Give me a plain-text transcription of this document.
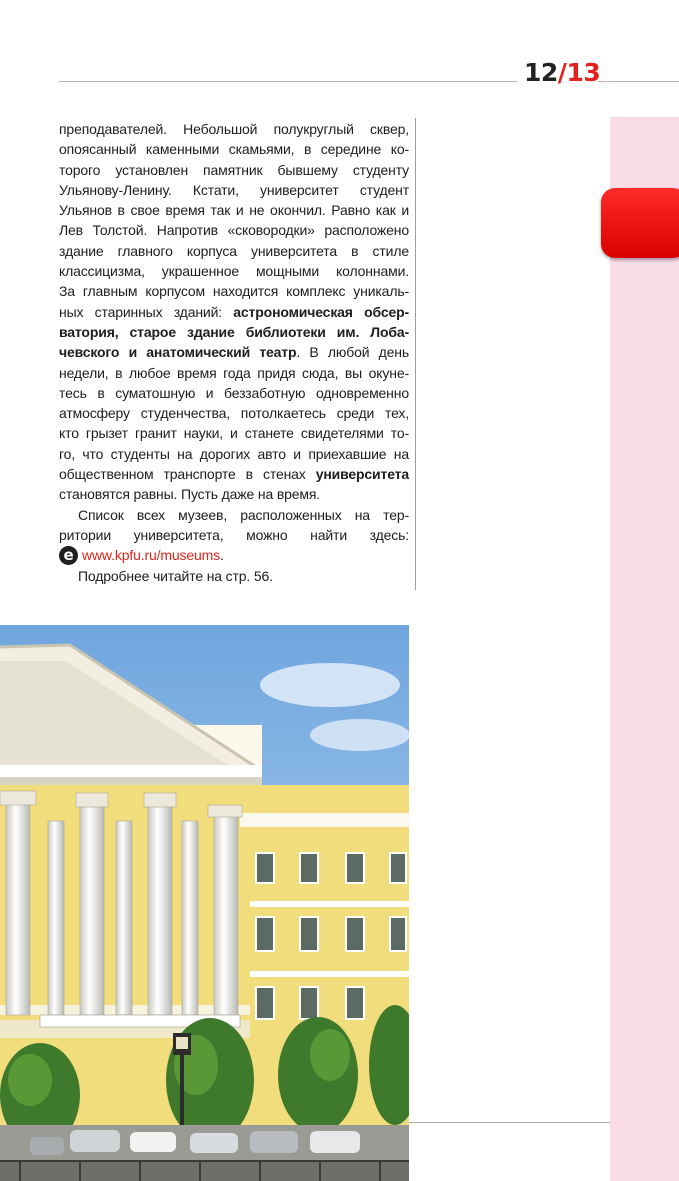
12/13

преподавателей. Небольшой полукруглый сквер,

опоясанный каменными скамьями, в середине ко-

торого установлен памятник бывшему студенту

Ульянову-Ленину. Кстати, университет студент

Ульянов в свое время так и не окончил. Равно как и

Лев Толстой. Напротив «сковородки» расположено

здание главного корпуса университета в стиле

классицизма, украшенное мощными колоннами.

За главным корпусом находится комплекс уникаль-

ных старинных зданий: астрономическая обсер-

ватория, старое здание библиотеки им. Лоба-

чевского и анатомический театр. В любой день

недели, в любое время года придя сюда, вы окуне-

тесь в суматошную и беззаботную одновременно

атмосферу студенчества, потолкаетесь среди тех,

кто грызет гранит науки, и станете свидетелями то-

го, что студенты на дорогих авто и приехавшие на

общественном транспорте в стенах университета

становятся равны. Пусть даже на время.

Список всех музеев, расположенных на тер-

ритории университета, можно найти здесь:

e www.kpfu.ru/museums .

Подробнее читайте на стр. 56.
